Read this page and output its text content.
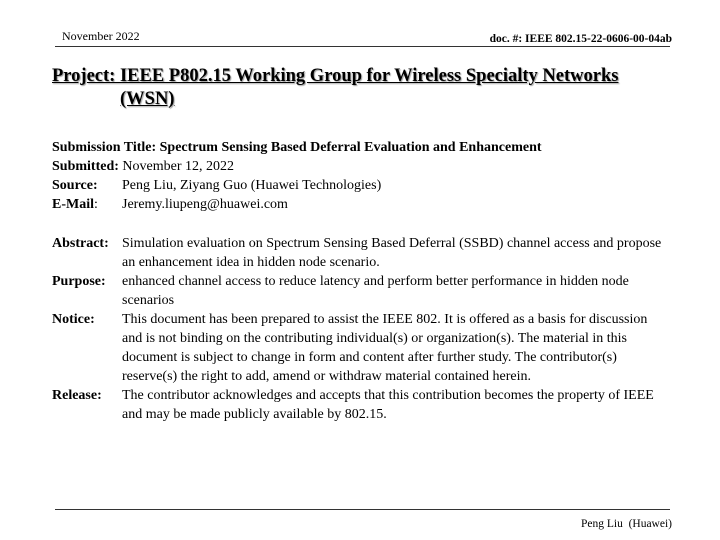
November 2022	doc. #: IEEE 802.15-22-0606-00-04ab
Project: IEEE P802.15 Working Group for Wireless Specialty Networks
(WSN)
Submission Title: Spectrum Sensing Based Deferral Evaluation and Enhancement
Submitted:
November 12, 2022
Source:	Peng Liu, Ziyang Guo (Huawei Technologies)
E-Mail:	Jeremy.liupeng@huawei.com
Abstract: Simulation evaluation on Spectrum Sensing Based Deferral (SSBD) channel access and propose an enhancement idea in hidden node scenario.
Purpose:	enhanced channel access to reduce latency and perform better performance in hidden node scenarios
Notice:	This document has been prepared to assist the IEEE 802. It is offered as a basis for discussion and is not binding on the contributing individual(s) or organization(s). The material in this document is subject to change in form and content after further study. The contributor(s) reserve(s) the right to add, amend or withdraw material contained herein.
Release:	The contributor acknowledges and accepts that this contribution becomes the property of IEEE and may be made publicly available by 802.15.
Peng Liu  (Huawei)
